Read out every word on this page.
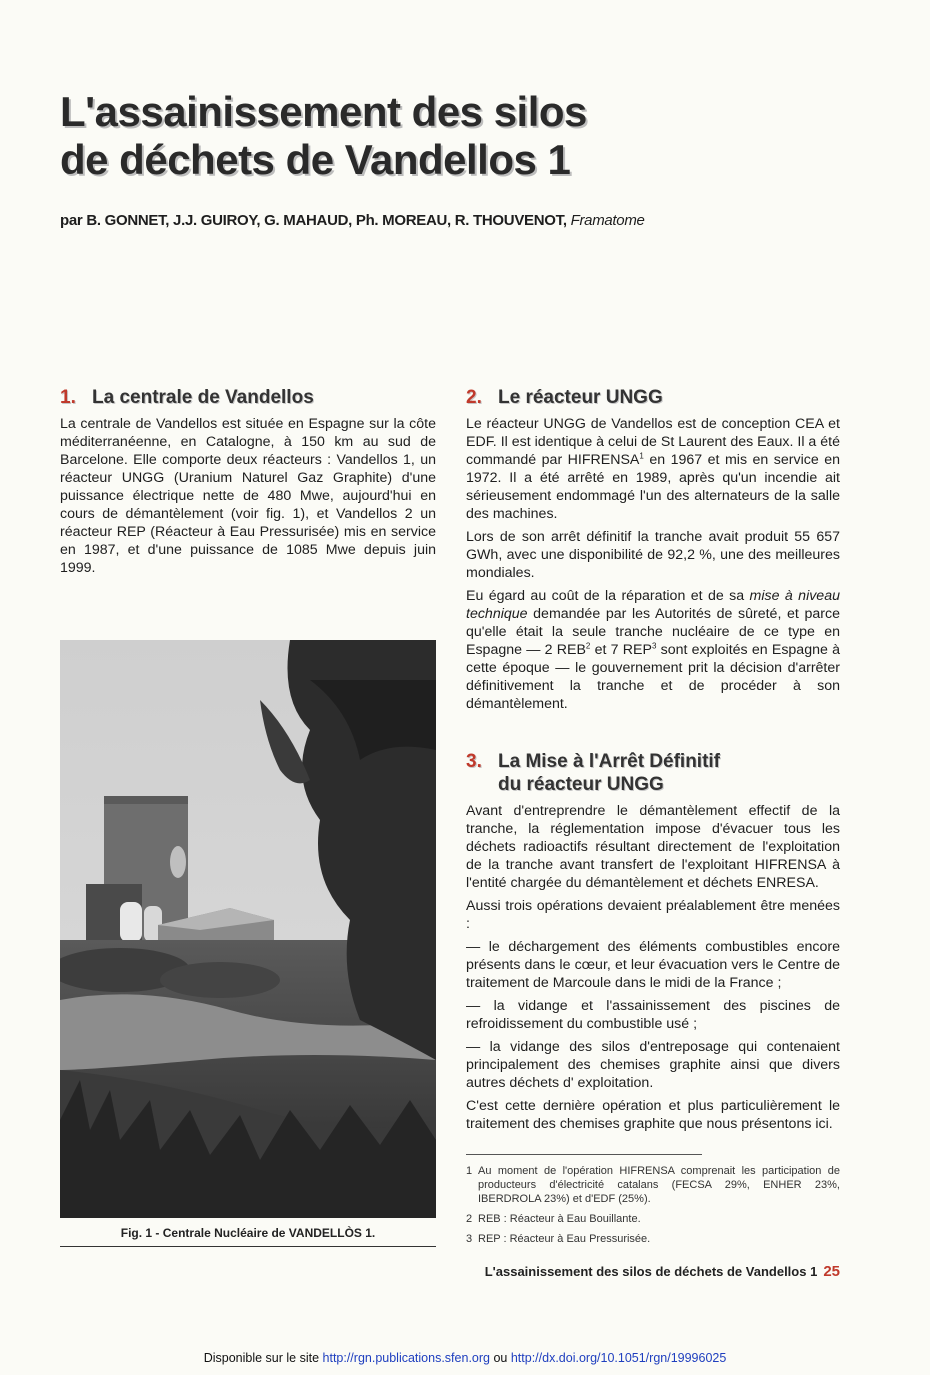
L'assainissement des silos
de déchets de Vandellos 1
par B. GONNET, J.J. GUIROY, G. MAHAUD, Ph. MOREAU, R. THOUVENOT, Framatome
1. La centrale de Vandellos

La centrale de Vandellos est située en Espagne sur la côte méditerranéenne, en Catalogne, à 150 km au sud de Barcelone. Elle comporte deux réacteurs : Vandellos 1, un réacteur UNGG (Uranium Naturel Gaz Graphite) d'une puissance électrique nette de 480 Mwe, aujourd'hui en cours de démantèlement (voir fig. 1), et Vandellos 2 un réacteur REP (Réacteur à Eau Pressurisée) mis en service en 1987, et d'une puissance de 1085 Mwe depuis juin 1999.

Fig. 1 - Centrale Nucléaire de VANDELLÒS 1.
2. Le réacteur UNGG

Le réacteur UNGG de Vandellos est de conception CEA et EDF. Il est identique à celui de St Laurent des Eaux. Il a été commandé par HIFRENSA$^1$ en 1967 et mis en service en 1972. Il a été arrêté en 1989, après qu'un incendie ait sérieusement endommagé l'un des alternateurs de la salle des machines.

Lors de son arrêt définitif la tranche avait produit 55 657 GWh, avec une disponibilité de 92,2 %, une des meilleures mondiales.

Eu égard au coût de la réparation et de sa mise à niveau technique demandée par les Autorités de sûreté, et parce qu'elle était la seule tranche nucléaire de ce type en Espagne — 2 REB$^2$ et 7 REP$^3$ sont exploités en Espagne à cette époque — le gouvernement prit la décision d'arrêter définitivement la tranche et de procéder à son démantèlement.

3. La Mise à l'Arrêt Définitif
du réacteur UNGG

Avant d'entreprendre le démantèlement effectif de la tranche, la réglementation impose d'évacuer tous les déchets radioactifs résultant directement de l'exploitation de la tranche avant transfert de l'exploitant HIFRENSA à l'entité chargée du démantèlement et déchets ENRESA.

Aussi trois opérations devaient préalablement être menées :

— le déchargement des éléments combustibles encore présents dans le cœur, et leur évacuation vers le Centre de traitement de Marcoule dans le midi de la France ;

— la vidange et l'assainissement des piscines de refroidissement du combustible usé ;

— la vidange des silos d'entreposage qui contenaient principalement des chemises graphite ainsi que divers autres déchets d' exploitation.

C'est cette dernière opération et plus particulièrement le traitement des chemises graphite que nous présentons ici.

1 Au moment de l'opération HIFRENSA comprenait les participation de producteurs d'électricité catalans (FECSA 29%, ENHER 23%, IBERDROLA 23%) et d'EDF (25%).
2 REB : Réacteur à Eau Bouillante.
3 REP : Réacteur à Eau Pressurisée.
L'assainissement des silos de déchets de Vandellos 1 25
Disponible sur le site http://rgn.publications.sfen.org ou http://dx.doi.org/10.1051/rgn/19996025
